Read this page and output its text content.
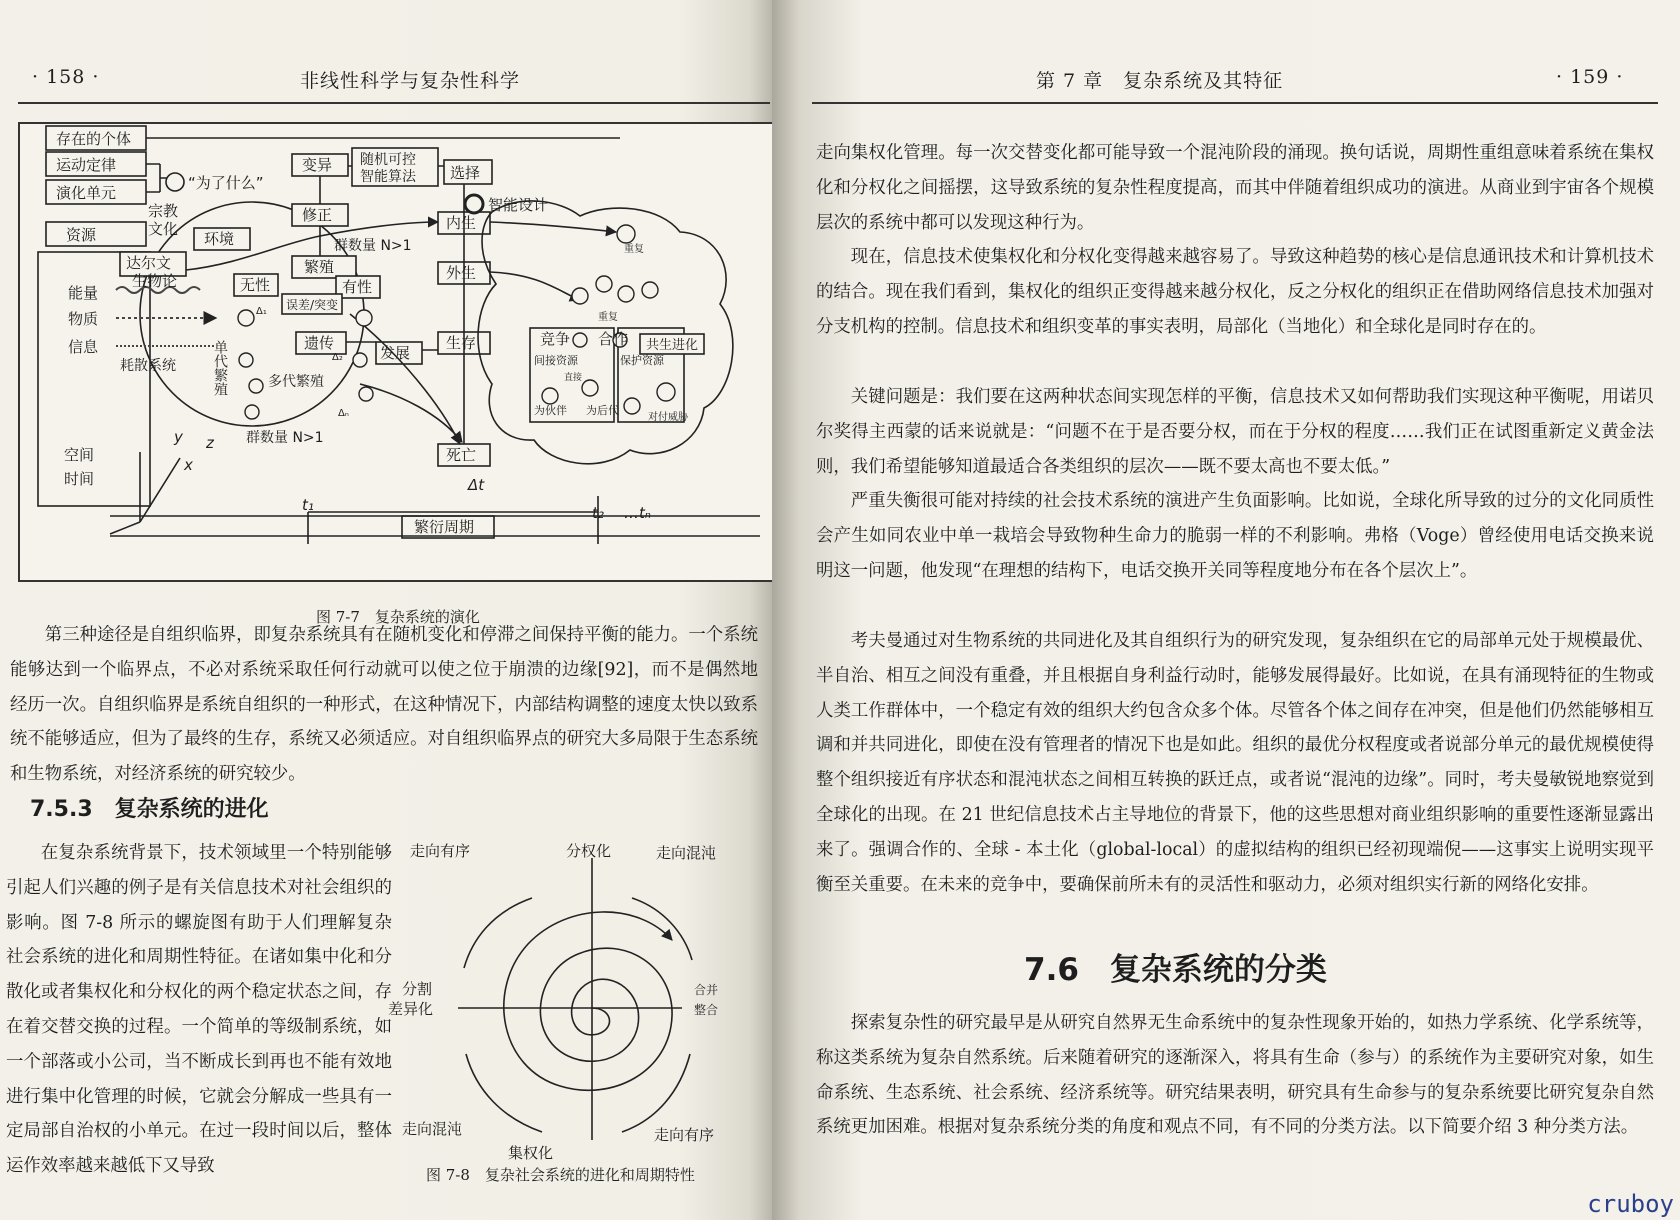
· 158 ·	非线性科学与复杂性科学
存在的个体
运动定律
演化单元
资源
“为了什么”
宗教
文化
环境
达尔文
生物论
能量
物质
信息
耗散系统
变异 随机可控
智能算法 选择
智能设计
修正	内生
外生
群数量 N>1
繁殖
无性	有性
误差/突变
遗传
发展
生存
死亡
繁衍周期
单代繁殖	多代繁殖
群数量 N>1
Δ₁
Δ₂
Δₙ
竞争 合作 共生进化
间接资源	保护资源
为伙伴
直接
为后代
对付威胁
重复
重复
空间
时间
y z
x
t₁
Δt
t₂ …tₙ
图 7-7　复杂系统的演化

第三种途径是自组织临界，即复杂系统具有在随机变化和停滞之间保持平衡的能力。一个系统能够达到一个临界点，不必对系统采取任何行动就可以使之位于崩溃的边缘[92]，而不是偶然地经历一次。自组织临界是系统自组织的一种形式，在这种情况下，内部结构调整的速度太快以致系统不能够适应，但为了最终的生存，系统又必须适应。对自组织临界点的研究大多局限于生态系统和生物系统，对经济系统的研究较少。

7.5.3　复杂系统的进化

在复杂系统背景下，技术领域里一个特别能够引起人们兴趣的例子是有关信息技术对社会组织的影响。图 7-8 所示的螺旋图有助于人们理解复杂社会系统的进化和周期性特征。在诸如集中化和分散化或者集权化和分权化的两个稳定状态之间，存在着交替交换的过程。一个简单的等级制系统，如一个部落或小公司，当不断成长到再也不能有效地进行集中化管理的时候，它就会分解成一些具有一定局部自治权的小单元。在过一段时间以后，整体运作效率越来越低下又导致

走向有序	分权化	走向混沌
分割
差异化
合并
整合
走向混沌
集权化
走向有序
图 7-8　复杂社会系统的进化和周期特性
第 7 章　复杂系统及其特征	· 159 ·

走向集权化管理。每一次交替变化都可能导致一个混沌阶段的涌现。换句话说，周期性重组意味着系统在集权化和分权化之间摇摆，这导致系统的复杂性程度提高，而其中伴随着组织成功的演进。从商业到宇宙各个规模层次的系统中都可以发现这种行为。

现在，信息技术使集权化和分权化变得越来越容易了。导致这种趋势的核心是信息通讯技术和计算机技术的结合。现在我们看到，集权化的组织正变得越来越分权化，反之分权化的组织正在借助网络信息技术加强对分支机构的控制。信息技术和组织变革的事实表明，局部化（当地化）和全球化是同时存在的。

关键问题是：我们要在这两种状态间实现怎样的平衡，信息技术又如何帮助我们实现这种平衡呢，用诺贝尔奖得主西蒙的话来说就是：“问题不在于是否要分权，而在于分权的程度……我们正在试图重新定义黄金法则，我们希望能够知道最适合各类组织的层次——既不要太高也不要太低。”

严重失衡很可能对持续的社会技术系统的演进产生负面影响。比如说，全球化所导致的过分的文化同质性会产生如同农业中单一栽培会导致物种生命力的脆弱一样的不利影响。弗格（Voge）曾经使用电话交换来说明这一问题，他发现“在理想的结构下，电话交换开关同等程度地分布在各个层次上”。

考夫曼通过对生物系统的共同进化及其自组织行为的研究发现，复杂组织在它的局部单元处于规模最优、半自治、相互之间没有重叠，并且根据自身利益行动时，能够发展得最好。比如说，在具有涌现特征的生物或人类工作群体中，一个稳定有效的组织大约包含众多个体。尽管各个体之间存在冲突，但是他们仍然能够相互调和并共同进化，即使在没有管理者的情况下也是如此。组织的最优分权程度或者说部分单元的最优规模使得整个组织接近有序状态和混沌状态之间相互转换的跃迁点，或者说“混沌的边缘”。同时，考夫曼敏锐地察觉到全球化的出现。在 21 世纪信息技术占主导地位的背景下，他的这些思想对商业组织影响的重要性逐渐显露出来了。强调合作的、全球 - 本土化（global-local）的虚拟结构的组织已经初现端倪——这事实上说明实现平衡至关重要。在未来的竞争中，要确保前所未有的灵活性和驱动力，必须对组织实行新的网络化安排。

7.6　复杂系统的分类

探索复杂性的研究最早是从研究自然界无生命系统中的复杂性现象开始的，如热力学系统、化学系统等，称这类系统为复杂自然系统。后来随着研究的逐渐深入，将具有生命（参与）的系统作为主要研究对象，如生命系统、生态系统、社会系统、经济系统等。研究结果表明，研究具有生命参与的复杂系统要比研究复杂自然系统更加困难。根据对复杂系统分类的角度和观点不同，有不同的分类方法。以下简要介绍 3 种分类方法。

cruboy
